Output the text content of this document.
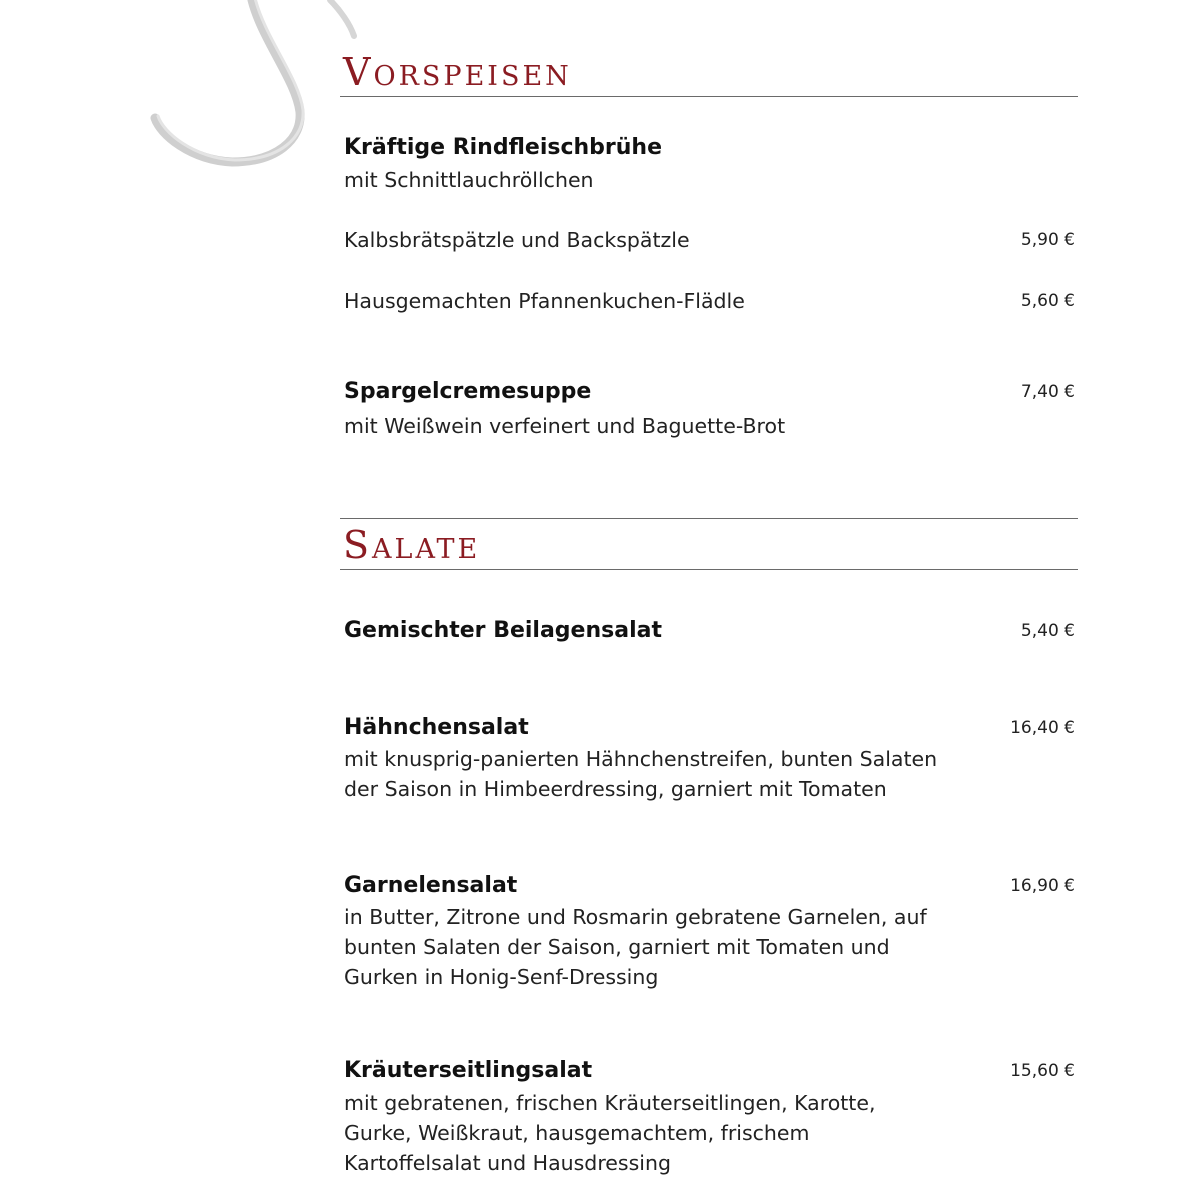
Vorspeisen
Kräftige Rindfleischbrühe
mit Schnittlauchröllchen
Kalbsbrätspätzle und Backspätzle	5,90 €
Hausgemachten Pfannenkuchen-Flädle	5,60 €
Spargelcremesuppe	7,40 €
mit Weißwein verfeinert und Baguette-Brot
Salate
Gemischter Beilagensalat	5,40 €
Hähnchensalat	16,40 €
mit knusprig-panierten Hähnchenstreifen, bunten Salaten
der Saison in Himbeerdressing, garniert mit Tomaten
Garnelensalat	16,90 €
in Butter, Zitrone und Rosmarin gebratene Garnelen, auf
bunten Salaten der Saison, garniert mit Tomaten und
Gurken in Honig-Senf-Dressing
Kräuterseitlingsalat	15,60 €
mit gebratenen, frischen Kräuterseitlingen, Karotte,
Gurke, Weißkraut, hausgemachtem, frischem
Kartoffelsalat und Hausdressing
